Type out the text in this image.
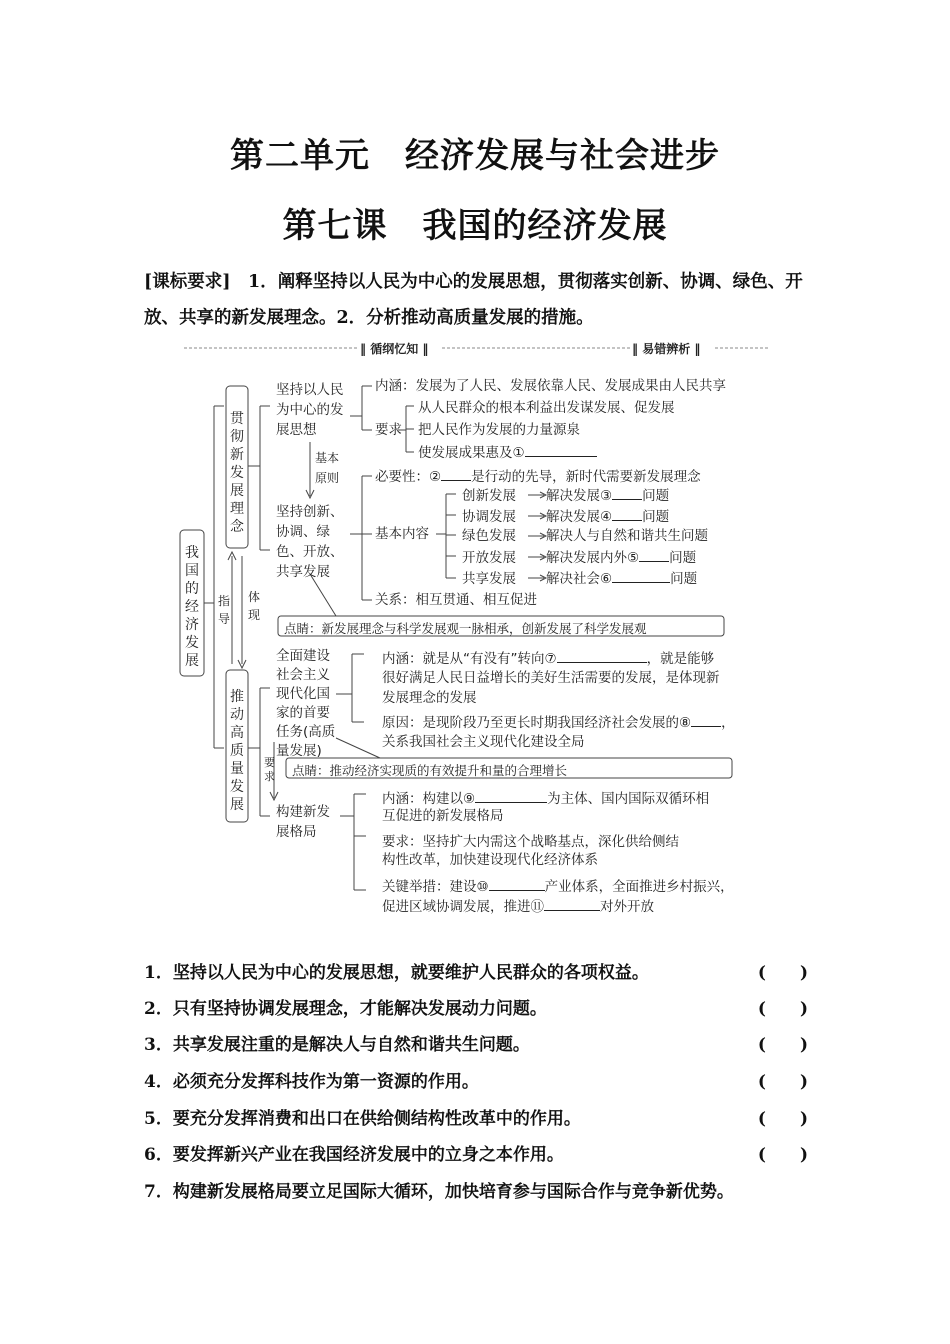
第二单元　经济发展与社会进步
第七课　我国的经济发展
[课标要求]　1．阐释坚持以人民为中心的发展思想，贯彻落实创新、协调、绿色、开放、共享的新发展理念。2．分析推动高质量发展的措施。
‖ 循纲忆知 ‖	‖ 易错辨析 ‖
我国的经济发展
贯彻新发展理念
推动高质量发展
体现
指导
坚持以人民
为中心的发
展思想
基本
原则
内涵：发展为了人民、发展依靠人民、发展成果由人民共享
要求
从人民群众的根本利益出发谋发展、促发展
把人民作为发展的力量源泉
使发展成果惠及①
坚持创新、
协调、绿
色、开放、
共享发展
必要性：② 是行动的先导，新时代需要新发展理念
基本内容
创新发展 解决发展③ 问题
协调发展 解决发展④ 问题
绿色发展 解决人与自然和谐共生问题
开放发展 解决发展内外⑤ 问题
共享发展 解决社会⑥	问题
关系：相互贯通、相互促进
点睛：新发展理念与科学发展观一脉相承，创新发展了科学发展观
全面建设
社会主义
现代化国
家的首要
任务(高质
量发展)
内涵：就是从“有没有”转向⑦	，就是能够
很好满足人民日益增长的美好生活需要的发展，是体现新
发展理念的发展
原因：是现阶段乃至更长时期我国经济社会发展的⑧ ，
关系我国社会主义现代化建设全局
要
求 点睛：推动经济实现质的有效提升和量的合理增长
构建新发
展格局
内涵：构建以⑨	为主体、国内国际双循环相
互促进的新发展格局
要求：坚持扩大内需这个战略基点，深化供给侧结
构性改革，加快建设现代化经济体系
关键举措：建设⑩	产业体系，全面推进乡村振兴，
促进区域协调发展，推进⑪	对外开放
1．坚持以人民为中心的发展思想，就要维护人民群众的各项权益。	(　　)
2．只有坚持协调发展理念，才能解决发展动力问题。	(　　)
3．共享发展注重的是解决人与自然和谐共生问题。	(　　)
4．必须充分发挥科技作为第一资源的作用。	(　　)
5．要充分发挥消费和出口在供给侧结构性改革中的作用。	(　　)
6．要发挥新兴产业在我国经济发展中的立身之本作用。	(　　)
7．构建新发展格局要立足国际大循环，加快培育参与国际合作与竞争新优势。
